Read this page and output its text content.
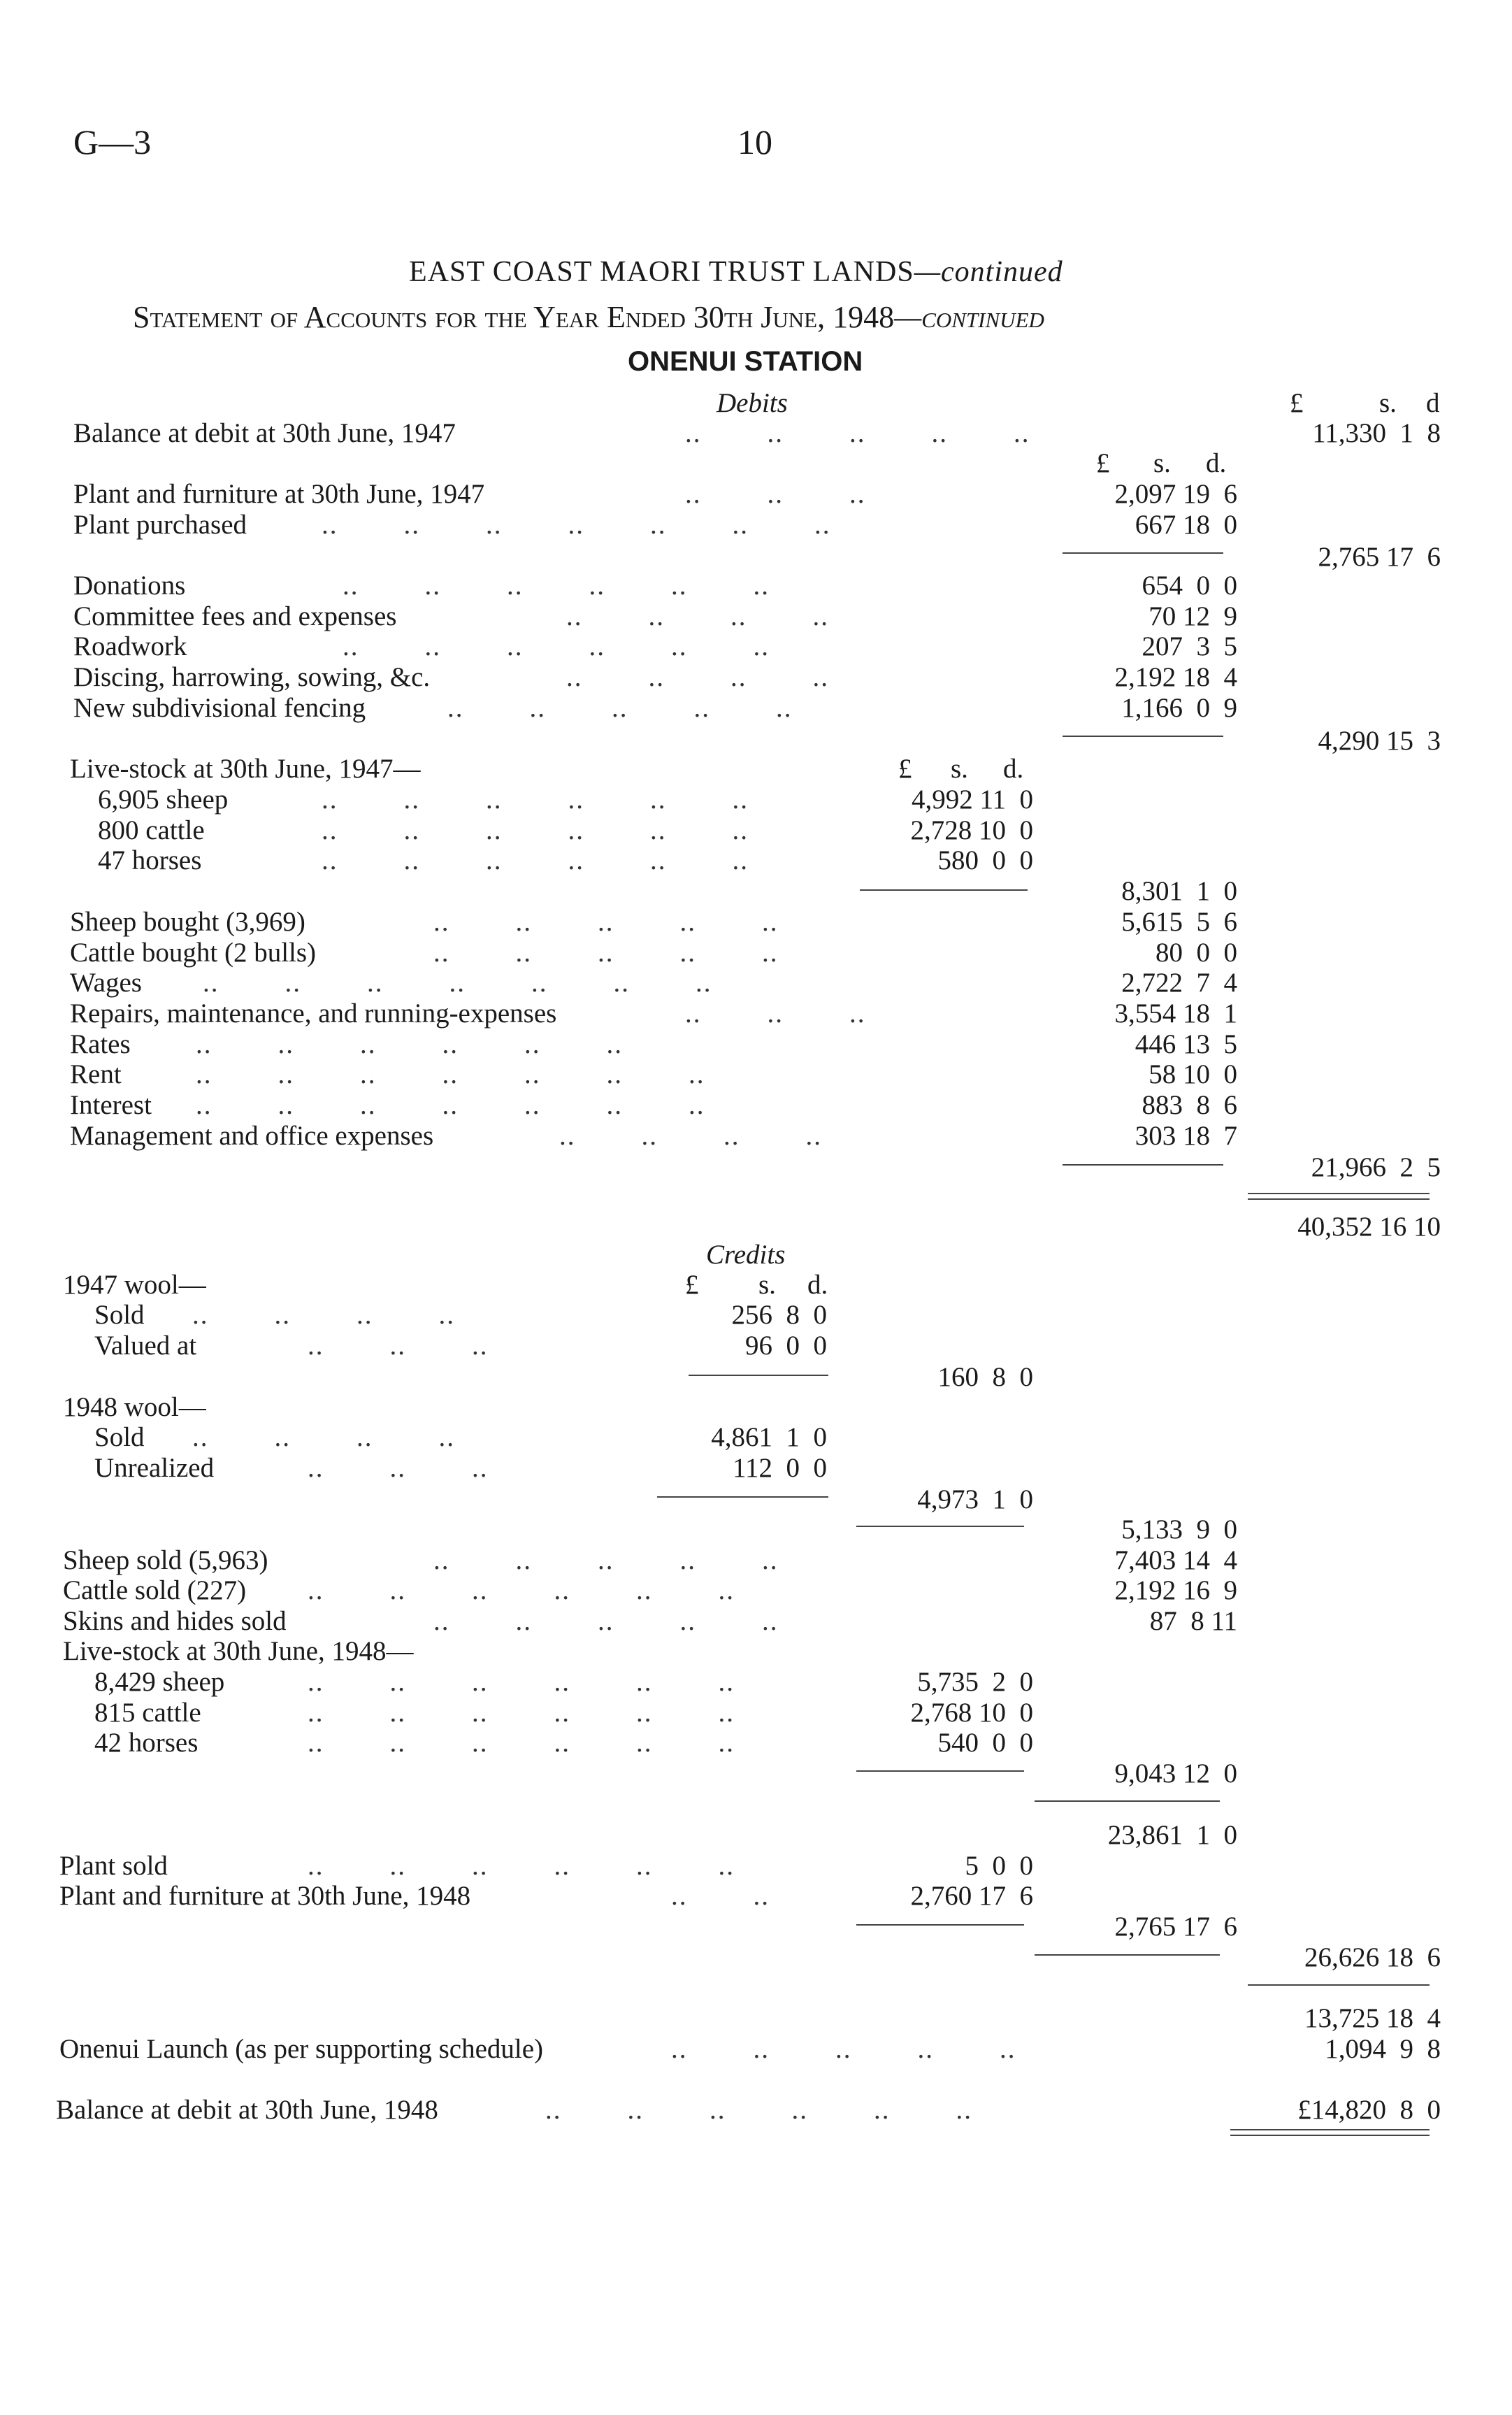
G—3	10
EAST COAST MAORI TRUST LANDS—continued
Statement of Accounts for the Year Ended 30th June, 1948—continued
ONENUI STATION
Debits	£	s. d
Balance at debit at 30th June, 1947	..        ..        ..        ..        ..	11,330  1  8
£ s. d.
Plant and furniture at 30th June, 1947	..        ..        ..	2,097 19  6
Plant purchased	..        ..        ..        ..        ..        ..        ..	667 18  0
2,765 17  6
Donations	..        ..        ..        ..        ..        ..	654  0  0
Committee fees and expenses	..        ..        ..        ..	70 12  9
Roadwork	..        ..        ..        ..        ..        ..	207  3  5
Discing, harrowing, sowing, &c.	..        ..        ..        ..	2,192 18  4
New subdivisional fencing	..        ..        ..        ..        ..	1,166  0  9
4,290 15  3
Live-stock at 30th June, 1947—	£ s. d.
6,905 sheep	..        ..        ..        ..        ..        ..	4,992 11  0
800 cattle	..        ..        ..        ..        ..        ..	2,728 10  0
47 horses	..        ..        ..        ..        ..        ..	580  0  0
8,301  1  0
Sheep bought (3,969)	..        ..        ..        ..        ..	5,615  5  6
Cattle bought (2 bulls)	..        ..        ..        ..        ..	80  0  0
Wages ..        ..        ..        ..        ..        ..        ..	2,722  7  4
Repairs, maintenance, and running-expenses	..        ..        ..	3,554 18  1
Rates ..        ..        ..        ..        ..        ..	446 13  5
Rent	..        ..        ..        ..        ..        ..        ..	58 10  0
Interest ..        ..        ..        ..        ..        ..        ..	883  8  6
Management and office expenses	..        ..        ..        ..	303 18  7
21,966  2  5
40,352 16 10
Credits
1947 wool—	£ s. d.
Sold ..        ..        ..        ..	256  8  0
Valued at	..        ..        ..	96  0  0
160  8  0
1948 wool—
Sold ..        ..        ..        ..	4,861  1  0
Unrealized	..        ..        ..	112  0  0
4,973  1  0
5,133  9  0
Sheep sold (5,963)	..        ..        ..        ..        ..	7,403 14  4
Cattle sold (227) ..        ..        ..        ..        ..        ..	2,192 16  9
Skins and hides sold	..        ..        ..        ..        ..	87  8 11
Live-stock at 30th June, 1948—
8,429 sheep	..        ..        ..        ..        ..        ..	5,735  2  0
815 cattle	..        ..        ..        ..        ..        ..	2,768 10  0
42 horses	..        ..        ..        ..        ..        ..	540  0  0
9,043 12  0
23,861  1  0
Plant sold	..        ..        ..        ..        ..        ..	5  0  0
Plant and furniture at 30th June, 1948	..        ..	2,760 17  6
2,765 17  6
26,626 18  6
13,725 18  4
Onenui Launch (as per supporting schedule)	..        ..        ..        ..        ..	1,094  9  8
Balance at debit at 30th June, 1948	..        ..        ..        ..        ..        ..	£14,820  8  0
